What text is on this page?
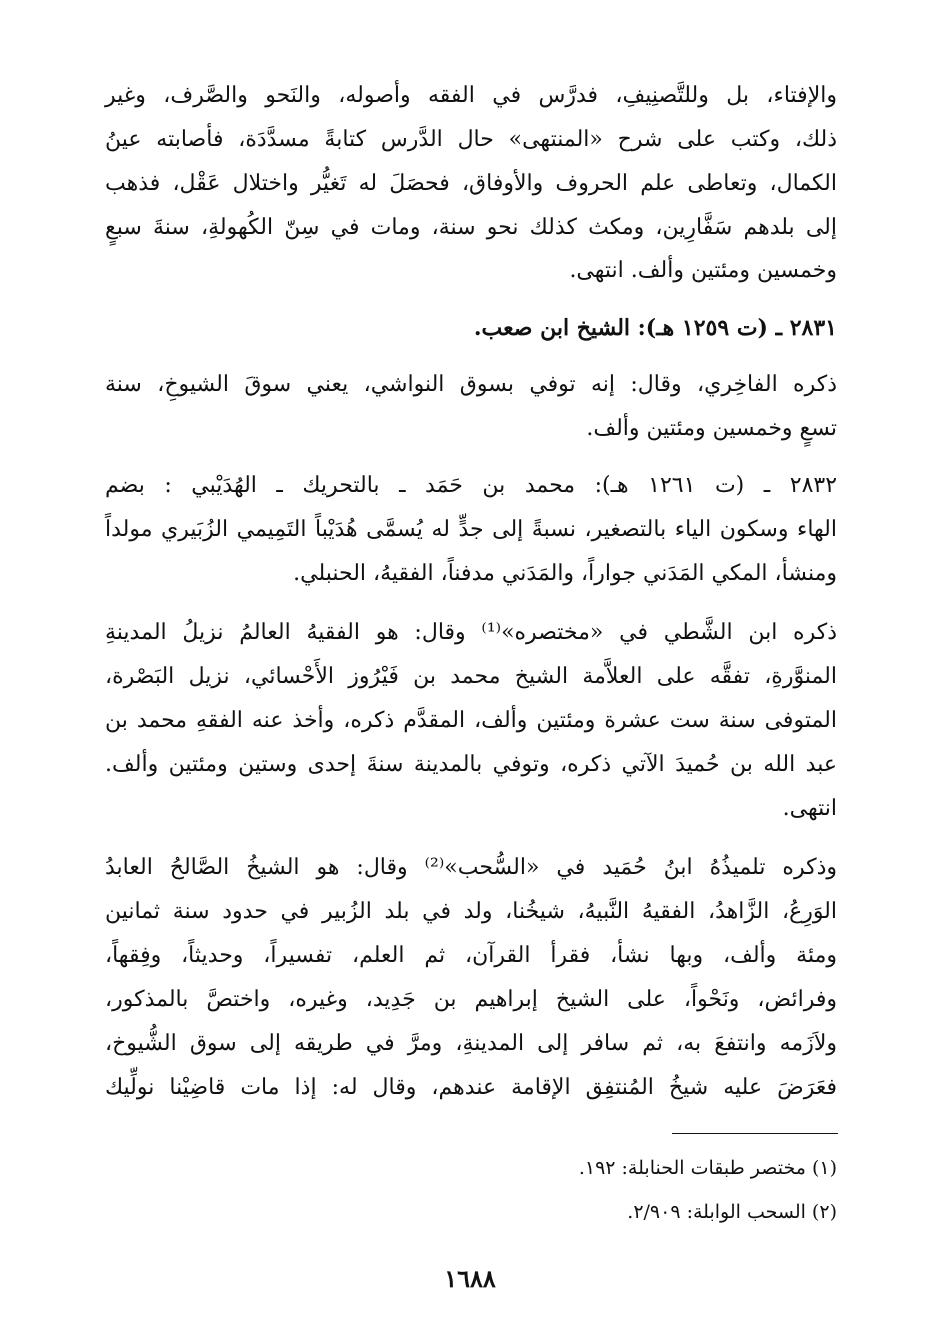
والإفتاء، بل وللتَّصنِيفِ، فدرَّس في الفقه وأصوله، والنَحو والصَّرف، وغير
ذلك، وكتب على شرح «المنتهى» حال الدَّرس كتابةً مسدَّدَة، فأصابته عينُ
الكمال، وتعاطى علم الحروف والأوفاق، فحصَلَ له تَغيُّر واختلال عَقْل، فذهب
إلى بلدهم سَفَّارِين، ومكث كذلك نحو سنة، ومات في سِنّ الكُهولةِ، سنةَ سبعٍ
وخمسين ومئتين وألف. انتهى.
٢٨٣١ ـ (ت ١٢٥٩ هـ): الشيخ ابن صعب.
ذكره الفاخِري، وقال: إنه توفي بسوق النواشي، يعني سوقَ الشيوخِ، سنة
تسعٍ وخمسين ومئتين وألف.
٢٨٣٢ ـ (ت ١٢٦١ هـ): محمد بن حَمَد ـ بالتحريك ـ الهُدَيْبي : بضم
الهاء وسكون الياء بالتصغير، نسبةً إلى جدٍّ له يُسمَّى هُدَيْباً التَمِيمي الزُبَيري مولداً
ومنشأ، المكي المَدَني جواراً، والمَدَني مدفناً، الفقيهُ، الحنبلي.
ذكره ابن الشَّطي في «مختصره»⁽¹⁾ وقال: هو الفقيهُ العالمُ نزيلُ المدينةِ
المنوَّرةِ، تفقَّه على العلاَّمة الشيخ محمد بن فَيْرُوز الأَحْسائي، نزيل البَصْرة،
المتوفى سنة ست عشرة ومئتين وألف، المقدَّم ذكره، وأخذ عنه الفقهِ محمد بن
عبد الله بن حُميدَ الآتي ذكره، وتوفي بالمدينة سنةَ إحدى وستين ومئتين وألف.
انتهى.
وذكره تلميذُهُ ابنُ حُمَيد في «السُّحب»⁽²⁾ وقال: هو الشيخُ الصَّالحُ العابدُ
الوَرِعُ، الزَّاهدُ، الفقيهُ النَّبيهُ، شيخُنا، ولد في بلد الزُبير في حدود سنة ثمانين
ومئة وألف، وبها نشأ، فقرأ القرآن، ثم العلم، تفسيراً، وحديثاً، وفِقهاً،
وفرائض، ونَحْواً، على الشيخ إبراهيم بن جَدِيد، وغيره، واختصَّ بالمذكور،
ولاَزَمه وانتفعَ به، ثم سافر إلى المدينةِ، ومرَّ في طريقه إلى سوق الشُّيوخ،
فعَرَضَ عليه شيخُ المُنتفِق الإقامة عندهم، وقال له: إذا مات قاضِيْنا نولِّيك
(١) مختصر طبقات الحنابلة: ١٩٢.
(٢) السحب الوابلة: ٢/٩٠٩.
١٦٨٨
